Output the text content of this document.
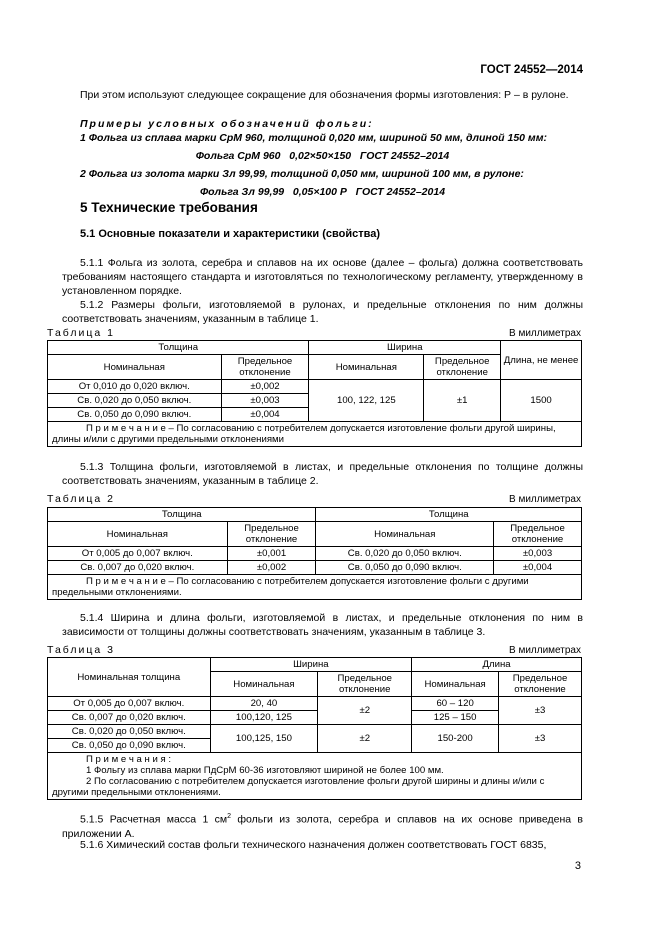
ГОСТ 24552—2014

При этом используют следующее сокращение для обозначения формы изготовления: Р – в рулоне.

Примеры условных обозначений фольги:

1 Фольга из сплава марки СрМ 960, толщиной 0,020 мм, шириной 50 мм, длиной 150 мм:

Фольга СрМ 960   0,02×50×150   ГОСТ 24552–2014

2 Фольга из золота марки Зл 99,99, толщиной 0,050 мм, шириной 100 мм, в рулоне:

Фольга Зл 99,99   0,05×100 Р   ГОСТ 24552–2014

5 Технические требования
5.1 Основные показатели и характеристики (свойства)

5.1.1 Фольга из золота, серебра и сплавов на их основе (далее – фольга) должна соответствовать требованиям настоящего стандарта и изготовляться по технологическому регламенту, утвержденному в установленном порядке.

5.1.2 Размеры фольги, изготовляемой в рулонах, и предельные отклонения по ним должны соответствовать значениям, указанным в таблице 1.

Таблица 1	В миллиметрах
Толщина		Ширина		Длина, не менее
Номинальная	Предельное отклонение	Номинальная	Предельное отклонение	
От 0,010 до 0,020 включ.	±0,002	100, 122, 125	±1	1500
Св. 0,020 до 0,050 включ.	±0,003			
Св. 0,050 до 0,090 включ.	±0,004			
П р и м е ч а н и е – По согласованию с потребителем допускается изготовление фольги другой ширины, длины и/или с другими предельными отклонениями				

5.1.3 Толщина фольги, изготовляемой в листах, и предельные отклонения по толщине должны соответствовать значениям, указанным в таблице 2.

Таблица 2	В миллиметрах
Толщина		Толщина	
Номинальная	Предельное отклонение	Номинальная	Предельное отклонение
От 0,005 до 0,007 включ.	±0,001	Св. 0,020 до 0,050 включ.	±0,003
Св. 0,007 до 0,020 включ.	±0,002	Св. 0,050 до 0,090 включ.	±0,004
П р и м е ч а н и е – По согласованию с потребителем допускается изготовление фольги с другими предельными отклонениями.			

5.1.4 Ширина и длина фольги, изготовляемой в листах, и предельные отклонения по ним в зависимости от толщины должны соответствовать значениям, указанным в таблице 3.

Таблица 3	В миллиметрах
Номинальная толщина	Ширина		Длина	
	Номинальная	Предельное отклонение	Номинальная	Предельное отклонение
От 0,005 до 0,007 включ.	20, 40	±2	60 – 120	±3
Св. 0,007 до 0,020 включ.	100,120, 125		125 – 150	
Св. 0,020 до 0,050 включ.	100,125, 150	±2	150-200	±3
Св. 0,050 до 0,090 включ.				

П р и м е ч а н и я :
1 Фольгу из сплава марки ПдСрМ 60-36 изготовляют шириной не более 100 мм.
2 По согласованию с потребителем допускается изготовление фольги другой ширины и длины и/или с другими предельными отклонениями.				

5.1.5 Расчетная масса 1 $см^2$ фольги из золота, серебра и сплавов на их основе приведена в приложении А.

5.1.6 Химический состав фольги технического назначения должен соответствовать ГОСТ 6835,

3
